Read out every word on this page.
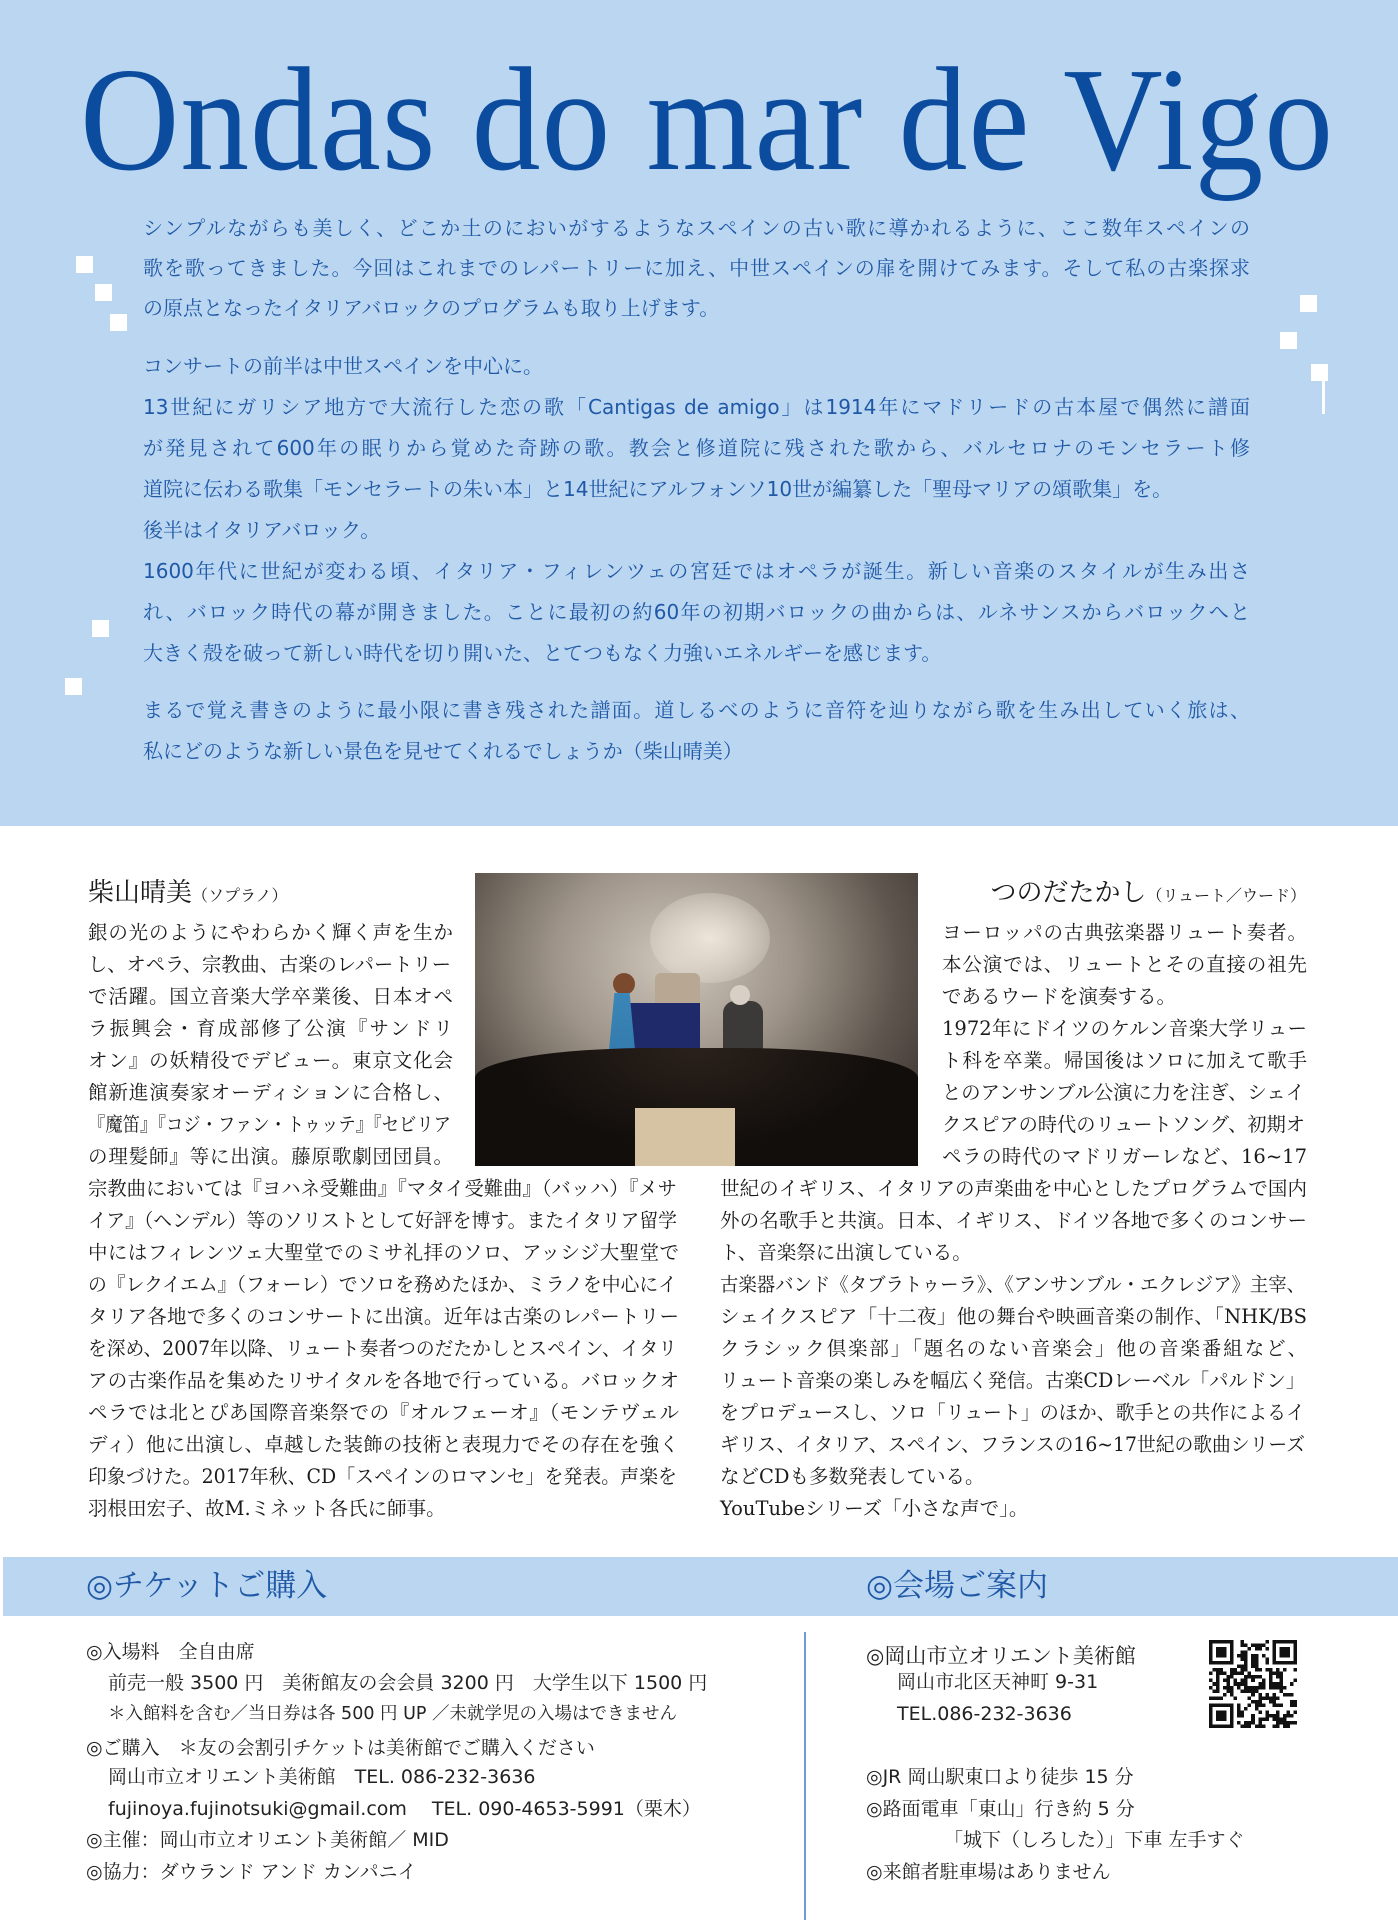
Ondas do mar de Vigo
シンプルながらも美しく、どこか土のにおいがするようなスペインの古い歌に導かれるように、ここ数年スペインの
歌を歌ってきました。今回はこれまでのレパートリーに加え、中世スペインの扉を開けてみます。そして私の古楽探求
の原点となったイタリアバロックのプログラムも取り上げます。
コンサートの前半は中世スペインを中心に。
13世紀にガリシア地方で大流行した恋の歌「Cantigas de amigo」は1914年にマドリードの古本屋で偶然に譜面
が発見されて600年の眠りから覚めた奇跡の歌。教会と修道院に残された歌から、バルセロナのモンセラート修
道院に伝わる歌集「モンセラートの朱い本」と14世紀にアルフォンソ10世が編纂した「聖母マリアの頌歌集」を。
後半はイタリアバロック。
1600年代に世紀が変わる頃、イタリア・フィレンツェの宮廷ではオペラが誕生。新しい音楽のスタイルが生み出さ
れ、バロック時代の幕が開きました。ことに最初の約60年の初期バロックの曲からは、ルネサンスからバロックへと
大きく殻を破って新しい時代を切り開いた、とてつもなく力強いエネルギーを感じます。
まるで覚え書きのように最小限に書き残された譜面。道しるべのように音符を辿りながら歌を生み出していく旅は、
私にどのような新しい景色を見せてくれるでしょうか（柴山晴美）
柴山晴美（ソプラノ）	つのだたかし（リュート／ウード）
銀の光のようにやわらかく輝く声を生か
し、オペラ、宗教曲、古楽のレパートリー
で活躍。国立音楽大学卒業後、日本オペ
ラ振興会・育成部修了公演『サンドリ
オン』の妖精役でデビュー。東京文化会
館新進演奏家オーディションに合格し、
『魔笛』『コジ・ファン・トゥッテ』『セビリア
の理髪師』等に出演。藤原歌劇団団員。
宗教曲においては『ヨハネ受難曲』『マタイ受難曲』（バッハ）『メサ
イア』（ヘンデル）等のソリストとして好評を博す。またイタリア留学
中にはフィレンツェ大聖堂でのミサ礼拝のソロ、アッシジ大聖堂で
の『レクイエム』（フォーレ）でソロを務めたほか、ミラノを中心にイ
タリア各地で多くのコンサートに出演。近年は古楽のレパートリー
を深め、2007年以降、リュート奏者つのだたかしとスペイン、イタリ
アの古楽作品を集めたリサイタルを各地で行っている。バロックオ
ペラでは北とぴあ国際音楽祭での『オルフェーオ』（モンテヴェル
ディ）他に出演し、卓越した装飾の技術と表現力でその存在を強く
印象づけた。2017年秋、CD「スペインのロマンセ」を発表。声楽を
羽根田宏子、故M.ミネット各氏に師事。
ヨーロッパの古典弦楽器リュート奏者。
本公演では、リュートとその直接の祖先
であるウードを演奏する。
1972年にドイツのケルン音楽大学リュー
ト科を卒業。帰国後はソロに加えて歌手
とのアンサンブル公演に力を注ぎ、シェイ
クスピアの時代のリュートソング、初期オ
ペラの時代のマドリガーレなど、16~17
世紀のイギリス、イタリアの声楽曲を中心としたプログラムで国内
外の名歌手と共演。日本、イギリス、ドイツ各地で多くのコンサー
ト、音楽祭に出演している。
古楽器バンド《タブラトゥーラ》、《アンサンブル・エクレジア》主宰、
シェイクスピア「十二夜」他の舞台や映画音楽の制作、「NHK/BS
クラシック倶楽部」「題名のない音楽会」他の音楽番組など、
リュート音楽の楽しみを幅広く発信。古楽CDレーベル「パルドン」
をプロデュースし、ソロ「リュート」のほか、歌手との共作によるイ
ギリス、イタリア、スペイン、フランスの16~17世紀の歌曲シリーズ
などCDも多数発表している。
YouTubeシリーズ「小さな声で」。
◎チケットご購入	◎会場ご案内
◎入場料　全自由席
前売一般 3500 円　美術館友の会会員 3200 円　大学生以下 1500 円
＊入館料を含む／当日券は各 500 円 UP ／未就学児の入場はできません
◎ご購入　＊友の会割引チケットは美術館でご購入ください
岡山市立オリエント美術館　TEL. 086-232-3636
fujinoya.fujinotsuki@gmail.com　 TEL. 090-4653-5991（栗木）
◎主催：岡山市立オリエント美術館／ MID
◎協力：ダウランド アンド カンパニイ
◎岡山市立オリエント美術館
岡山市北区天神町 9-31
TEL.086-232-3636
◎JR 岡山駅東口より徒歩 15 分
◎路面電車「東山」行き約 5 分
「城下（しろした）」下車 左手すぐ
◎来館者駐車場はありません
